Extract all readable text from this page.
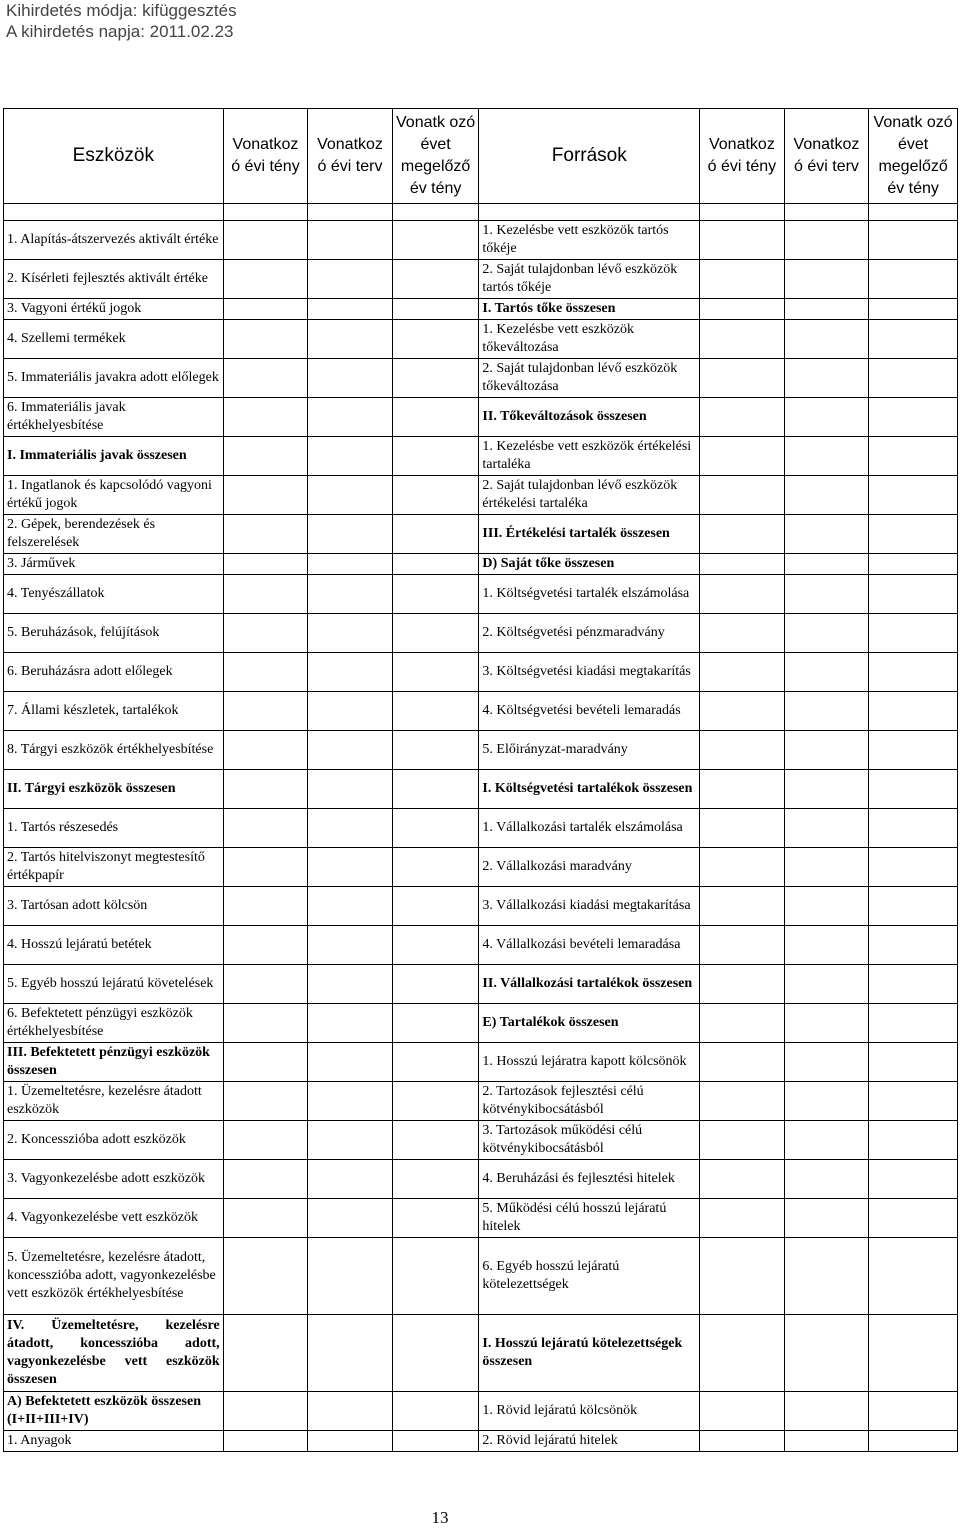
Kihirdetés módja: kifüggesztés
A kihirdetés napja: 2011.02.23
Eszközök	Vonatkoz ó évi tény	Vonatkoz ó évi terv	Vonatk ozó évet megelőző év tény	Források	Vonatkoz ó évi tény	Vonatkoz ó évi terv	Vonatk ozó évet megelőző év tény

1. Alapítás-átszervezés aktivált értéke				1. Kezelésbe vett eszközök tartós tőkéje			
2. Kísérleti fejlesztés aktivált értéke				2. Saját tulajdonban lévő eszközök tartós tőkéje			
3. Vagyoni értékű jogok				I. Tartós tőke összesen			
4. Szellemi termékek				1. Kezelésbe vett eszközök tőkeváltozása			
5. Immateriális javakra adott előlegek				2. Saját tulajdonban lévő eszközök tőkeváltozása			
6. Immateriális javak értékhelyesbítése				II. Tőkeváltozások összesen			
I. Immateriális javak összesen				1. Kezelésbe vett eszközök értékelési tartaléka			
1. Ingatlanok és kapcsolódó vagyoni értékű jogok				2. Saját tulajdonban lévő eszközök értékelési tartaléka			
2. Gépek, berendezések és felszerelések				III. Értékelési tartalék összesen			
3. Járművek				D) Saját tőke összesen			
4. Tenyészállatok				1. Költségvetési tartalék elszámolása			
5. Beruházások, felújítások				2. Költségvetési pénzmaradvány			
6. Beruházásra adott előlegek				3. Költségvetési kiadási megtakarítás			
7. Állami készletek, tartalékok				4. Költségvetési bevételi lemaradás			
8. Tárgyi eszközök értékhelyesbítése				5. Előirányzat-maradvány			
II. Tárgyi eszközök összesen				I. Költségvetési tartalékok összesen			
1. Tartós részesedés				1. Vállalkozási tartalék elszámolása			
2. Tartós hitelviszonyt megtestesítő értékpapír				2. Vállalkozási maradvány			
3. Tartósan adott kölcsön				3. Vállalkozási kiadási megtakarítása			
4. Hosszú lejáratú betétek				4. Vállalkozási bevételi lemaradása			
5. Egyéb hosszú lejáratú követelések				II. Vállalkozási tartalékok összesen			
6. Befektetett pénzügyi eszközök értékhelyesbítése				E) Tartalékok összesen			
III. Befektetett pénzügyi eszközök összesen				1. Hosszú lejáratra kapott kölcsönök			
1. Üzemeltetésre, kezelésre átadott eszközök				2. Tartozások fejlesztési célú kötvénykibocsátásból			
2. Koncesszióba adott eszközök				3. Tartozások működési célú kötvénykibocsátásból			
3. Vagyonkezelésbe adott eszközök				4. Beruházási és fejlesztési hitelek			
4. Vagyonkezelésbe vett eszközök				5. Működési célú hosszú lejáratú hitelek			
5. Üzemeltetésre, kezelésre átadott, koncesszióba adott, vagyonkezelésbe vett eszközök értékhelyesbítése				6. Egyéb hosszú lejáratú kötelezettségek			
IV. Üzemeltetésre, kezelésre átadott, koncesszióba adott, vagyonkezelésbe vett eszközök összesen				I. Hosszú lejáratú kötelezettségek összesen			
A) Befektetett eszközök összesen (I+II+III+IV)				1. Rövid lejáratú kölcsönök			
1. Anyagok				2. Rövid lejáratú hitelek			
13
